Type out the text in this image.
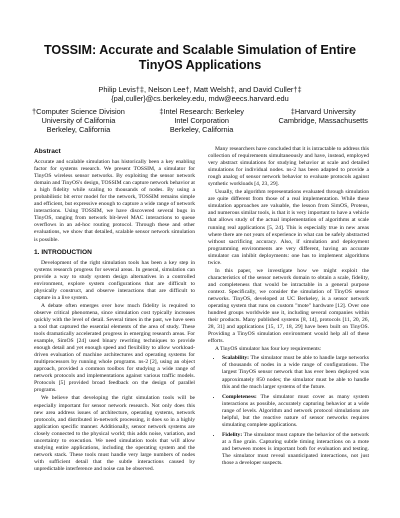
TOSSIM: Accurate and Scalable Simulation of Entire
TinyOS Applications
Philip Levis†‡, Nelson Lee†, Matt Welsh‡, and David Culler†‡
{pal,culler}@cs.berkeley.edu, mdw@eecs.harvard.edu
†Computer Science Division
University of California
Berkeley, California
‡Intel Research: Berkeley
Intel Corporation
Berkeley, California
‡Harvard University
Cambridge, Massachusetts
Abstract

Accurate and scalable simulation has historically been a key enabling factor for systems research. We present TOSSIM, a simulator for TinyOS wireless sensor networks. By exploiting the sensor network domain and TinyOS's design, TOSSIM can capture network behavior at a high fidelity while scaling to thousands of nodes. By using a probabilistic bit error model for the network, TOSSIM remains simple and efficient, but expressive enough to capture a wide range of network interactions. Using TOSSIM, we have discovered several bugs in TinyOS, ranging from network bit-level MAC interactions to queue overflows in an ad-hoc routing protocol. Through these and other evaluations, we show that detailed, scalable sensor network simulation is possible.

1. INTRODUCTION

Development of the right simulation tools has been a key step in systems research progress for several areas. In general, simulation can provide a way to study system design alternatives in a controlled environment, explore system configurations that are difficult to physically construct, and observe interactions that are difficult to capture in a live system.

A debate often emerges over how much fidelity is required to observe critical phenomena, since simulation cost typically increases quickly with the level of detail. Several times in the past, we have seen a tool that captured the essential elements of the area of study. These tools dramatically accelerated progress in emerging research areas. For example, SimOS [24] used binary rewriting techniques to provide enough detail and yet enough speed and flexibility to allow workload-driven evaluation of machine architectures and operating systems for multiprocessors by running whole programs. ns-2 [2], using an object approach, provided a common toolbox for studying a wide range of network protocols and implementations against various traffic models. Protocols [5] provided broad feedback on the design of parallel programs.

We believe that developing the right simulation tools will be especially important for sensor network research. Not only does this new area address issues of architecture, operating systems, network protocols, and distributed in-network processing, it does so in a highly application specific manner. Additionally, sensor network systems are closely connected to the physical world; this adds noise, variation, and uncertainty to execution. We need simulation tools that will allow studying entire applications, including the operating system and the network stack. These tools must handle very large numbers of nodes with sufficient detail that the subtle interactions caused by unpredictable interference and noise can be observed.

Many researchers have concluded that it is intractable to address this collection of requirements simultaneously and have, instead, employed very abstract simulations for studying behavior at scale and detailed simulations for individual nodes. ns-2 has been adapted to provide a rough analog of sensor network behavior to evaluate protocols against synthetic workloads [4, 23, 29].

Usually, the algorithm representations evaluated through simulation are quite different from those of a real implementation. While these simulation approaches are valuable, the lesson from SimOS, Proteus, and numerous similar tools, is that it is very important to have a vehicle that allows study of the actual implementation of algorithms at scale running real applications [5, 24]. This is especially true in new areas where there are not years of experience in what can be safely abstracted without sacrificing accuracy. Also, if simulation and deployment programming environments are very different, having an accurate simulator can inhibit deployments: one has to implement algorithms twice.

In this paper, we investigate how we might exploit the characteristics of the sensor network domain to obtain a scale, fidelity, and completeness that would be intractable in a general purpose context. Specifically, we consider the simulation of TinyOS sensor networks. TinyOS, developed at UC Berkeley, is a sensor network operating system that runs on custom "mote" hardware [12]. Over one hundred groups worldwide use it, including several companies within their products. Many published systems [8, 14], protocols [11, 20, 26, 28, 31] and applications [15, 17, 18, 29] have been built on TinyOS. Providing a TinyOS simulation environment would help all of these efforts.

A TinyOS simulator has four key requirements:

• Scalability: The simulator must be able to handle large networks of thousands of nodes in a wide range of configurations. The largest TinyOS sensor network that has ever been deployed was approximately 850 nodes; the simulator must be able to handle this and the much larger systems of the future.
• Completeness: The simulator must cover as many system interactions as possible, accurately capturing behavior at a wide range of levels. Algorithm and network protocol simulations are helpful, but the reactive nature of sensor networks requires simulating complete applications.
• Fidelity: The simulator must capture the behavior of the network at a fine grain. Capturing subtle timing interactions on a mote and between motes is important both for evaluation and testing. The simulator must reveal unanticipated interactions, not just those a developer suspects.
